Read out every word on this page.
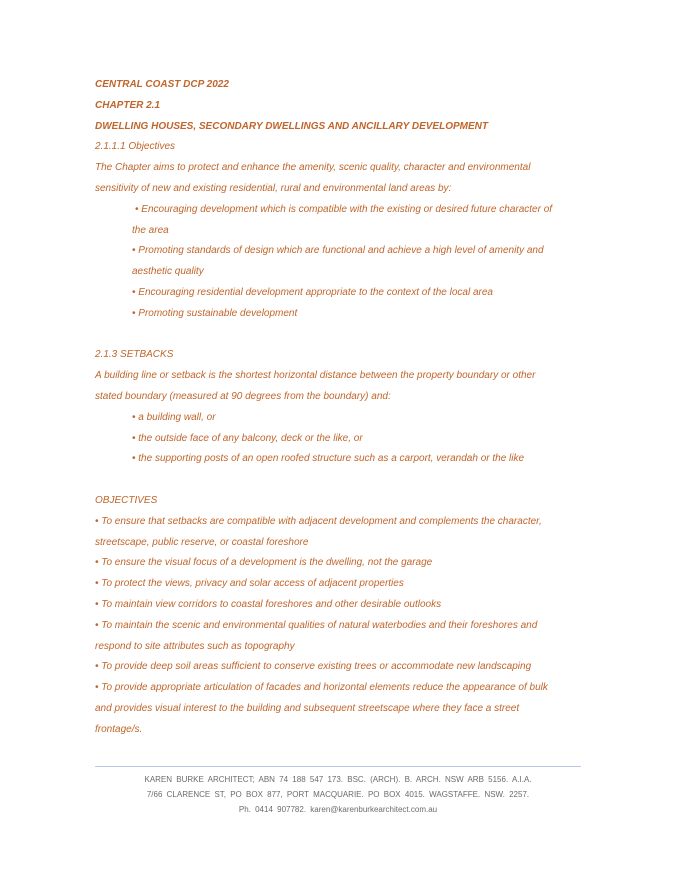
CENTRAL COAST DCP 2022

CHAPTER 2.1

DWELLING HOUSES, SECONDARY DWELLINGS AND ANCILLARY DEVELOPMENT

2.1.1.1 Objectives

The Chapter aims to protect and enhance the amenity, scenic quality, character and environmental

sensitivity of new and existing residential, rural and environmental land areas by:

• Encouraging development which is compatible with the existing or desired future character of

the area

• Promoting standards of design which are functional and achieve a high level of amenity and

aesthetic quality

• Encouraging residential development appropriate to the context of the local area

• Promoting sustainable development

2.1.3 SETBACKS

A building line or setback is the shortest horizontal distance between the property boundary or other

stated boundary (measured at 90 degrees from the boundary) and:

• a building wall, or

• the outside face of any balcony, deck or the like, or

• the supporting posts of an open roofed structure such as a carport, verandah or the like

OBJECTIVES

• To ensure that setbacks are compatible with adjacent development and complements the character,

streetscape, public reserve, or coastal foreshore

• To ensure the visual focus of a development is the dwelling, not the garage

• To protect the views, privacy and solar access of adjacent properties

• To maintain view corridors to coastal foreshores and other desirable outlooks

• To maintain the scenic and environmental qualities of natural waterbodies and their foreshores and

respond to site attributes such as topography

• To provide deep soil areas sufficient to conserve existing trees or accommodate new landscaping

• To provide appropriate articulation of facades and horizontal elements reduce the appearance of bulk

and provides visual interest to the building and subsequent streetscape where they face a street

frontage/s.

KAREN BURKE ARCHITECT; ABN 74 188 547 173. BSC. (ARCH). B. ARCH. NSW ARB 5156. A.I.A.
7/66 CLARENCE ST, PO BOX 877, PORT MACQUARIE. PO BOX 4015. WAGSTAFFE. NSW. 2257.
Ph. 0414 907782. karen@karenburkearchitect.com.au
